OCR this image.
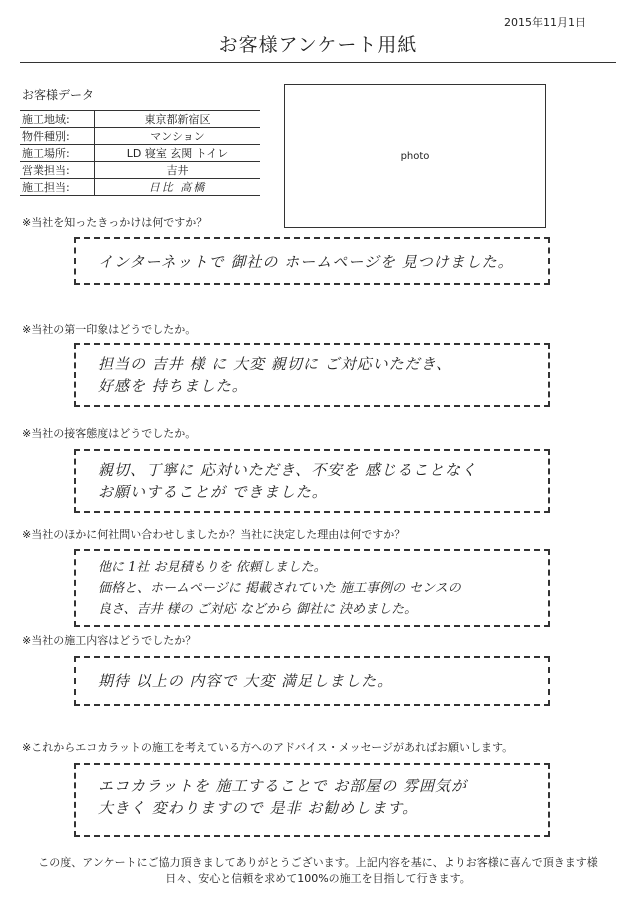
2015年11月1日
お客様アンケート用紙
お客様データ
施工地域:	東京都新宿区
物件種別:	マンション
施工場所:	LD 寝室 玄関 トイレ
営業担当:	吉井
施工担当:	日比 高橋
photo
※当社を知ったきっかけは何ですか？
インターネットで 御社の ホームページを 見つけました。
※当社の第一印象はどうでしたか。
担当の 吉井 様 に 大変 親切に ご対応いただき、
好感を 持ちました。
※当社の接客態度はどうでしたか。
親切、丁寧に 応対いただき、不安を 感じることなく
お願いすることが できました。
※当社のほかに何社問い合わせしましたか？当社に決定した理由は何ですか？
他に 1社 お見積もりを 依頼しました。
価格と、ホームページに 掲載されていた 施工事例の センスの
良さ、吉井 様の ご対応 などから 御社に 決めました。
※当社の施工内容はどうでしたか？
期待 以上の 内容で 大変 満足しました。
※これからエコカラットの施工を考えている方へのアドバイス・メッセージがあればお願いします。
エコカラットを 施工することで お部屋の 雰囲気が
大きく 変わりますので 是非 お勧めします。
この度、アンケートにご協力頂きましてありがとうございます。上記内容を基に、よりお客様に喜んで頂きます様
日々、安心と信頼を求めて100%の施工を目指して行きます。
